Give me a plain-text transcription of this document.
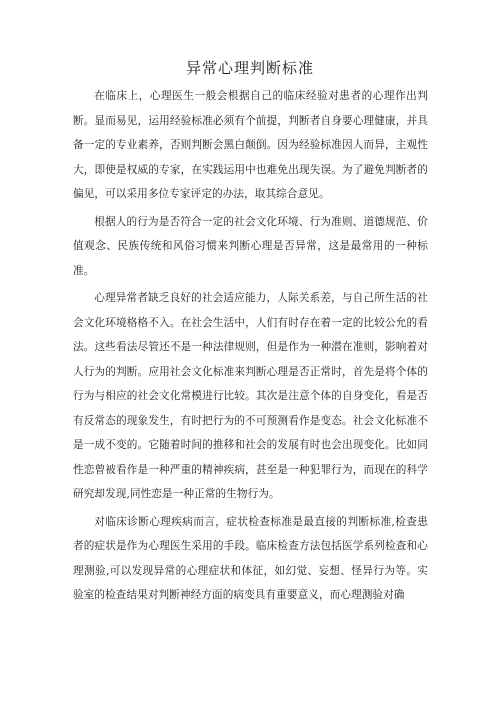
异常心理判断标准

在临床上，心理医生一般会根据自己的临床经验对患者的心理作出判断。显而易见，运用经验标准必须有个前提，判断者自身要心理健康，并具备一定的专业素养，否则判断会黑白颠倒。因为经验标准因人而异，主观性大，即使是权威的专家，在实践运用中也难免出现失误。为了避免判断者的偏见，可以采用多位专家评定的办法，取其综合意见。

根据人的行为是否符合一定的社会文化环境、行为准则、道德规范、价值观念、民族传统和风俗习惯来判断心理是否异常，这是最常用的一种标准。

心理异常者缺乏良好的社会适应能力，人际关系差，与自己所生活的社会文化环境格格不入。在社会生活中，人们有时存在着一定的比较公允的看法。这些看法尽管还不是一种法律规则，但是作为一种潜在准则，影响着对人行为的判断。应用社会文化标准来判断心理是否正常时，首先是将个体的行为与相应的社会文化常模进行比较。其次是注意个体的自身变化，看是否有反常态的现象发生，有时把行为的不可预测看作是变态。社会文化标准不是一成不变的。它随着时间的推移和社会的发展有时也会出现变化。比如同性恋曾被看作是一种严重的精神疾病，甚至是一种犯罪行为，而现在的科学研究却发现,同性恋是一种正常的生物行为。

对临床诊断心理疾病而言，症状检查标准是最直接的判断标准,检查患者的症状是作为心理医生采用的手段。临床检查方法包括医学系列检查和心理测验,可以发现异常的心理症状和体征，如幻觉、妄想、怪异行为等。实验室的检查结果对判断神经方面的病变具有重要意义，而心理测验对确
